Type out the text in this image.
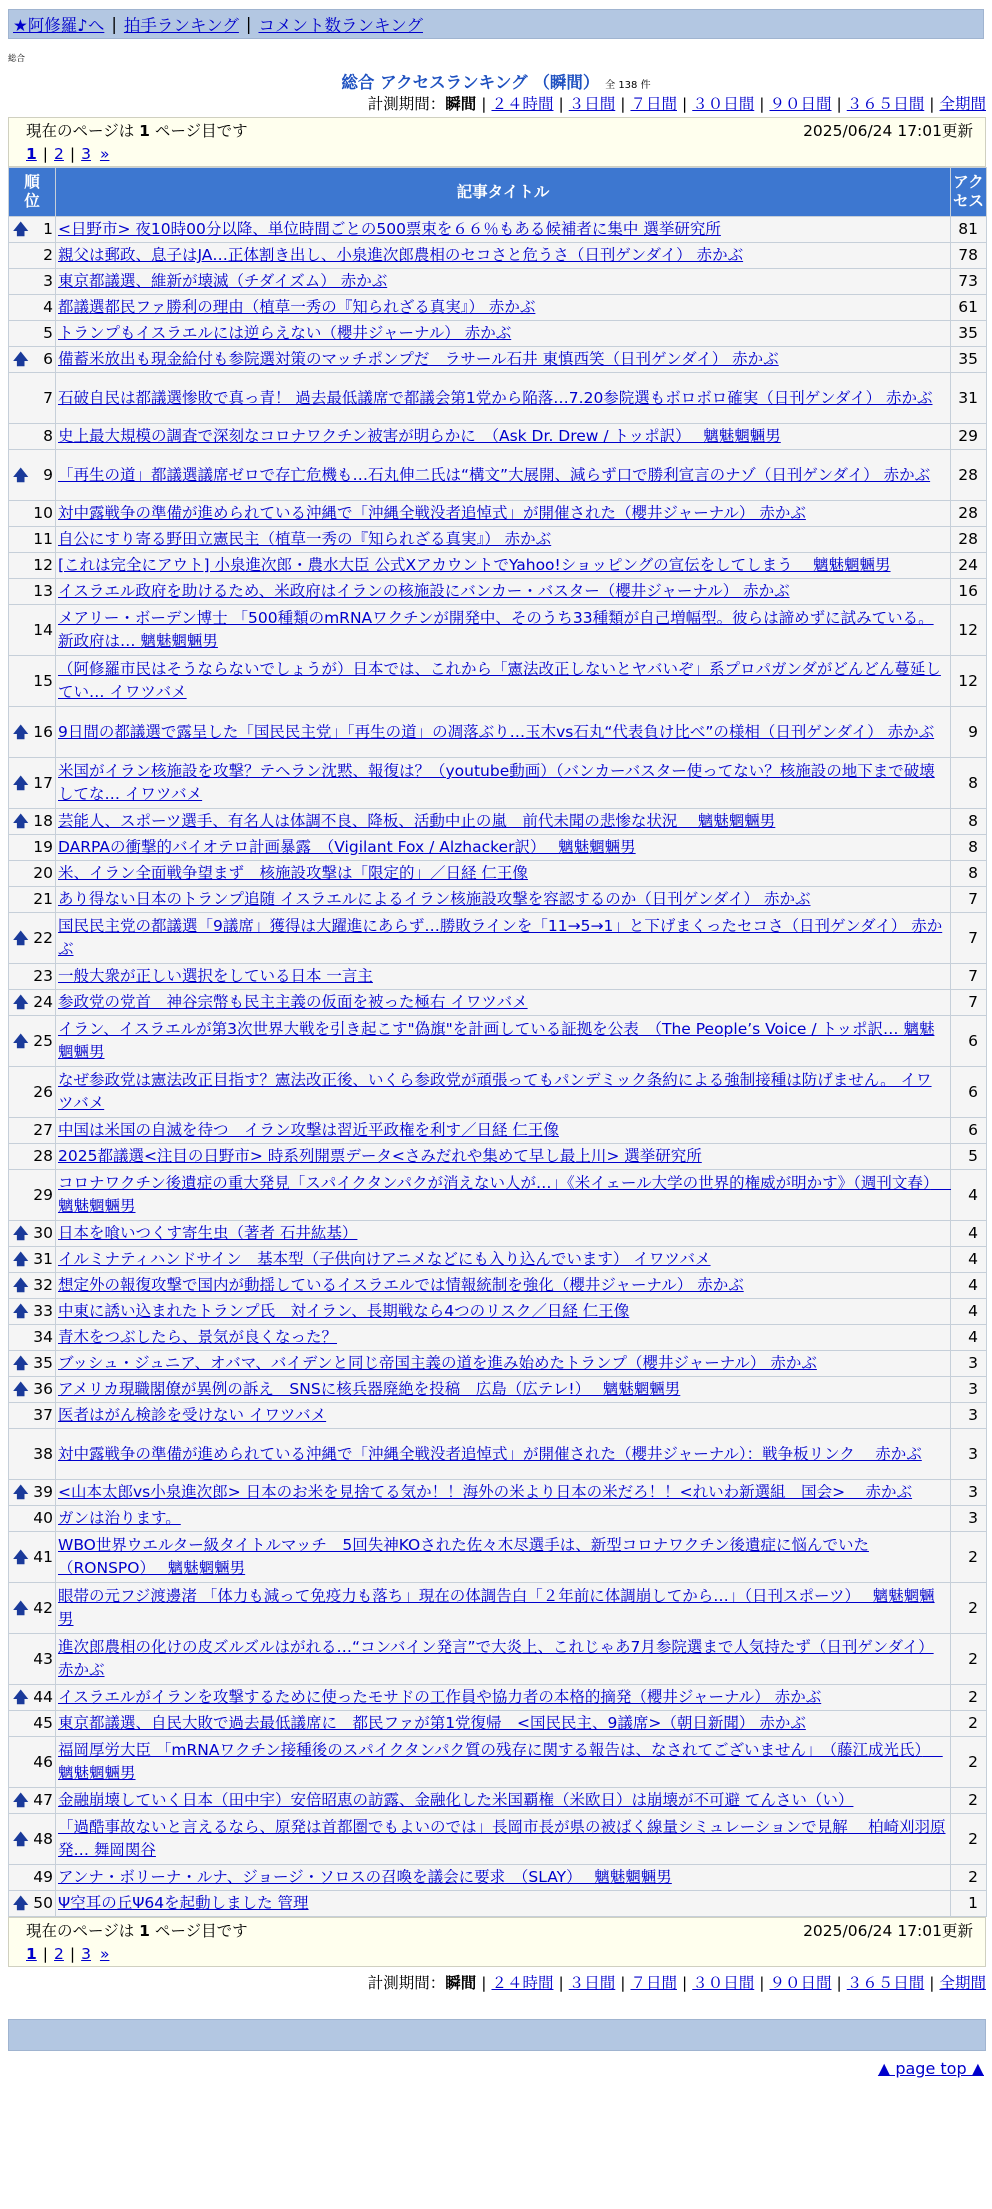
★阿修羅♪へ | 拍手ランキング | コメント数ランキング
総合
総合 アクセスランキング （瞬間） 全 138 件
計測期間：瞬間 | ２４時間 | ３日間 | ７日間 | ３０日間 | ９０日間 | ３６５日間 | 全期間
現在のページは 1 ページ目です	2025/06/24 17:01更新
1 | 2 | 3
»
順
位	記事タイトル	アク
セス

🡅 1	<日野市> 夜10時00分以降、単位時間ごとの500票束を６６％もある候補者に集中 選挙研究所	81
2	親父は郵政、息子はJA…正体割き出し、小泉進次郎農相のセコさと危うさ（日刊ゲンダイ） 赤かぶ	78
3	東京都議選、維新が壊滅（チダイズム） 赤かぶ	73
4	都議選都民ファ勝利の理由（植草一秀の『知られざる真実』） 赤かぶ	61
5	トランプもイスラエルには逆らえない（櫻井ジャーナル） 赤かぶ	35

🡅 6	備蓄米放出も現金給付も参院選対策のマッチポンプだ　ラサール石井 東慎西笑（日刊ゲンダイ） 赤かぶ	35
7	石破自民は都議選惨敗で真っ青！ 過去最低議席で都議会第1党から陥落…7.20参院選もボロボロ確実（日刊ゲンダイ） 赤かぶ	31
8	史上最大規模の調査で深刻なコロナワクチン被害が明らかに　（Ask Dr. Drew / トッポ訳）　 魑魅魍魎男	29

🡅 9	「再生の道」都議選議席ゼロで存亡危機も…石丸伸二氏は“構文”大展開、減らず口で勝利宣言のナゾ（日刊ゲンダイ） 赤かぶ	28
10	対中露戦争の準備が進められている沖縄で「沖縄全戦没者追悼式」が開催された（櫻井ジャーナル） 赤かぶ	28
11	自公にすり寄る野田立憲民主（植草一秀の『知られざる真実』） 赤かぶ	28
12	[これは完全にアウト] 小泉進次郎・農水大臣 公式XアカウントでYahoo!ショッピングの宣伝をしてしまう　 魑魅魍魎男	24
13	イスラエル政府を助けるため、米政府はイランの核施設にバンカー・バスター（櫻井ジャーナル） 赤かぶ	16
14	メアリー・ボーデン博士 「500種類のmRNAワクチンが開発中、そのうち33種類が自己増幅型。彼らは諦めずに試みている。新政府は… 魑魅魍魎男	12
15	（阿修羅市民はそうならないでしょうが）日本では、これから「憲法改正しないとヤバいぞ」系プロパガンダがどんどん蔓延してい… イワツバメ	12

🡅 16	9日間の都議選で露呈した「国民民主党」「再生の道」の凋落ぶり…玉木vs石丸“代表負け比べ”の様相（日刊ゲンダイ） 赤かぶ	9

🡅 17	米国がイラン核施設を攻撃？テヘラン沈黙、報復は？（youtube動画）（バンカーバスター使ってない？核施設の地下まで破壊してな… イワツバメ	8

🡅 18	芸能人、スポーツ選手、有名人は体調不良、降板、活動中止の嵐　前代未聞の悲惨な状況　 魑魅魍魎男	8
19	DARPAの衝撃的バイオテロ計画暴露　（Vigilant Fox / Alzhacker訳）　 魑魅魍魎男	8
20	米、イラン全面戦争望まず　核施設攻撃は「限定的」／日経 仁王像	8
21	あり得ない日本のトランプ追随 イスラエルによるイラン核施設攻撃を容認するのか（日刊ゲンダイ） 赤かぶ	7

🡅 22	国民民主党の都議選「9議席」獲得は大躍進にあらず…勝敗ラインを「11→5→1」と下げまくったセコさ（日刊ゲンダイ） 赤かぶ	7
23	一般大衆が正しい選択をしている日本 一言主	7

🡅 24	参政党の党首　神谷宗幣も民主主義の仮面を被った極右 イワツバメ	7

🡅 25	イラン、イスラエルが第3次世界大戦を引き起こす"偽旗"を計画している証拠を公表　（The People’s Voice / トッポ訳… 魑魅魍魎男	6
26	なぜ参政党は憲法改正目指す？憲法改正後、いくら参政党が頑張ってもパンデミック条約による強制接種は防げません。 イワツバメ	6
27	中国は米国の自滅を待つ　イラン攻撃は習近平政権を利す／日経 仁王像	6
28	2025都議選<注目の日野市> 時系列開票データ<さみだれや集めて早し最上川> 選挙研究所	5
29	コロナワクチン後遺症の重大発見「スパイクタンパクが消えない人が…」《米イェール大学の世界的権威が明かす》（週刊文春）　 魑魅魍魎男	4

🡅 30	日本を喰いつくす寄生虫（著者 石井紘基）	4

🡅 31	イルミナティハンドサイン　基本型（子供向けアニメなどにも入り込んでいます） イワツバメ	4

🡅 32	想定外の報復攻撃で国内が動揺しているイスラエルでは情報統制を強化（櫻井ジャーナル） 赤かぶ	4

🡅 33	中東に誘い込まれたトランプ氏　対イラン、長期戦なら4つのリスク／日経 仁王像	4
34	青木をつぶしたら、景気が良くなった？	4

🡅 35	ブッシュ・ジュニア、オバマ、バイデンと同じ帝国主義の道を進み始めたトランプ（櫻井ジャーナル） 赤かぶ	3

🡅 36	アメリカ現職閣僚が異例の訴え　SNSに核兵器廃絶を投稿　広島（広テレ!）　 魑魅魍魎男	3
37	医者はがん検診を受けない イワツバメ	3
38	対中露戦争の準備が進められている沖縄で「沖縄全戦没者追悼式」が開催された（櫻井ジャーナル）：戦争板リンク　 赤かぶ	3

🡅 39	<山本太郎vs小泉進次郎> 日本のお米を見捨てる気か！！海外の米より日本の米だろ！！<れいわ新選組　国会>　 赤かぶ	3
40	ガンは治ります。	3

🡅 41	WBO世界ウエルター級タイトルマッチ　5回失神KOされた佐々木尽選手は、新型コロナワクチン後遺症に悩んでいた（RONSPO）　 魑魅魍魎男	2

🡅 42	眼帯の元フジ渡邊渚 「体力も減って免疫力も落ち」現在の体調告白「２年前に体調崩してから…」（日刊スポーツ）　 魑魅魍魎男	2
43	進次郎農相の化けの皮ズルズルはがれる…“コンバイン発言”で大炎上、これじゃあ7月参院選まで人気持たず（日刊ゲンダイ） 赤かぶ	2

🡅 44	イスラエルがイランを攻撃するために使ったモサドの工作員や協力者の本格的摘発（櫻井ジャーナル） 赤かぶ	2
45	東京都議選、自民大敗で過去最低議席に　都民ファが第1党復帰　<国民民主、9議席>（朝日新聞） 赤かぶ	2
46	福岡厚労大臣 「mRNAワクチン接種後のスパイクタンパク質の残存に関する報告は、なされてございません」　（藤江成光氏）　 魑魅魍魎男	2

🡅 47	金融崩壊していく日本（田中宇）安倍昭恵の訪露、金融化した米国覇権（米欧日）は崩壊が不可避 てんさい（い）	2

🡅 48	「過酷事故ないと言えるなら、原発は首都圏でもよいのでは」長岡市長が県の被ばく線量シミュレーションで見解　 柏崎刈羽原発… 舞岡関谷	2
49	アンナ・ボリーナ・ルナ、ジョージ・ソロスの召喚を議会に要求　（SLAY）　 魑魅魍魎男	2

🡅 50	Ψ空耳の丘Ψ64を起動しました 管理	1
現在のページは 1 ページ目です	2025/06/24 17:01更新
1 | 2 | 3
»
計測期間：瞬間 | ２４時間 | ３日間 | ７日間 | ３０日間 | ９０日間 | ３６５日間 | 全期間
▲ page top ▲
